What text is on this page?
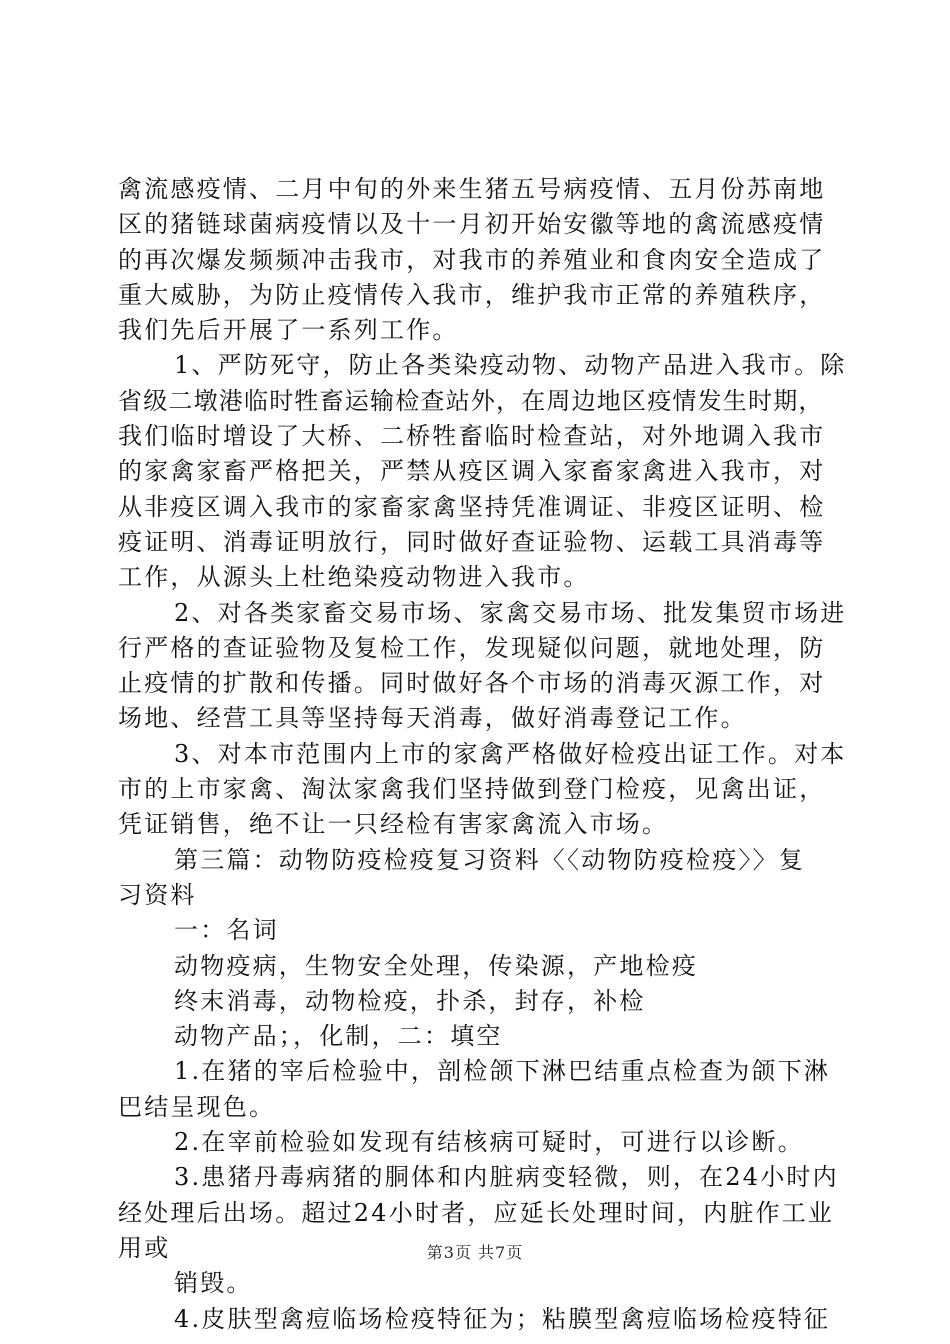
禽流感疫情、二月中旬的外来生猪五号病疫情、五月份苏南地
区的猪链球菌病疫情以及十一月初开始安徽等地的禽流感疫情
的再次爆发频频冲击我市，对我市的养殖业和食肉安全造成了
重大威胁，为防止疫情传入我市，维护我市正常的养殖秩序，
我们先后开展了一系列工作。
1、严防死守，防止各类染疫动物、动物产品进入我市。除
省级二墩港临时牲畜运输检查站外，在周边地区疫情发生时期，
我们临时增设了大桥、二桥牲畜临时检查站，对外地调入我市
的家禽家畜严格把关，严禁从疫区调入家畜家禽进入我市，对
从非疫区调入我市的家畜家禽坚持凭准调证、非疫区证明、检
疫证明、消毒证明放行，同时做好查证验物、运载工具消毒等
工作，从源头上杜绝染疫动物进入我市。
2、对各类家畜交易市场、家禽交易市场、批发集贸市场进
行严格的查证验物及复检工作，发现疑似问题，就地处理，防
止疫情的扩散和传播。同时做好各个市场的消毒灭源工作，对
场地、经营工具等坚持每天消毒，做好消毒登记工作。
3、对本市范围内上市的家禽严格做好检疫出证工作。对本
市的上市家禽、淘汰家禽我们坚持做到登门检疫，见禽出证，
凭证销售，绝不让一只经检有害家禽流入市场。
第三篇：动物防疫检疫复习资料〈〈动物防疫检疫〉〉复
习资料
一：名词
动物疫病，生物安全处理，传染源，产地检疫
终末消毒，动物检疫，扑杀，封存，补检
动物产品；，化制，二：填空
1.在猪的宰后检验中，剖检颌下淋巴结重点检查为颌下淋
巴结呈现色。
2.在宰前检验如发现有结核病可疑时，可进行以诊断。
3.患猪丹毒病猪的胴体和内脏病变轻微，则，在24小时内
经处理后出场。超过24小时者，应延长处理时间，内脏作工业
用或
销毁。
4.皮肤型禽痘临场检疫特征为；粘膜型禽痘临场检疫特征
第3页 共7页
